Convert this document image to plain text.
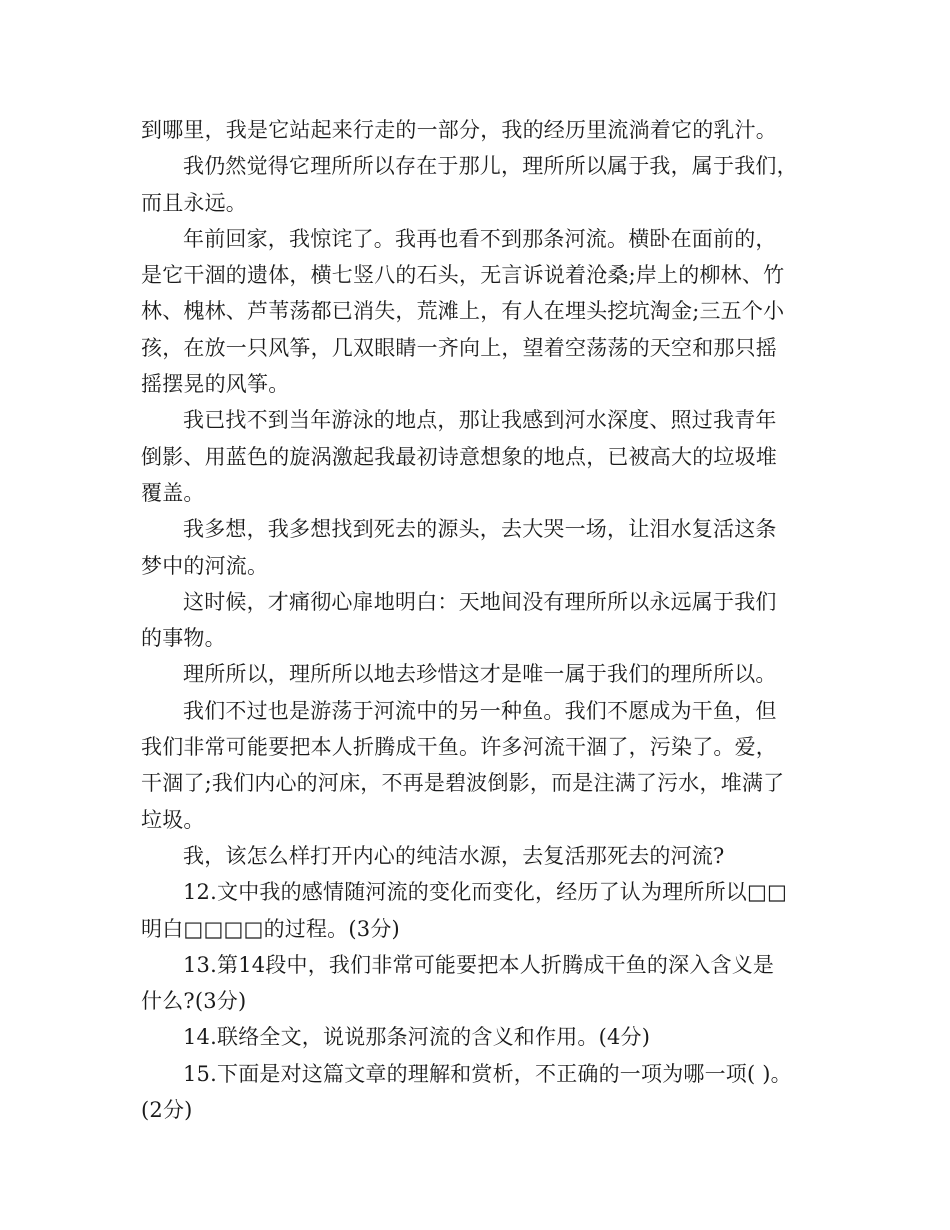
到哪里，我是它站起来行走的一部分，我的经历里流淌着它的乳汁。
我仍然觉得它理所所以存在于那儿，理所所以属于我，属于我们，
而且永远。
年前回家，我惊诧了。我再也看不到那条河流。横卧在面前的，
是它干涸的遗体，横七竖八的石头，无言诉说着沧桑;岸上的柳林、竹
林、槐林、芦苇荡都已消失，荒滩上，有人在埋头挖坑淘金;三五个小
孩，在放一只风筝，几双眼睛一齐向上，望着空荡荡的天空和那只摇
摇摆晃的风筝。
我已找不到当年游泳的地点，那让我感到河水深度、照过我青年
倒影、用蓝色的旋涡激起我最初诗意想象的地点，已被高大的垃圾堆
覆盖。
我多想，我多想找到死去的源头，去大哭一场，让泪水复活这条
梦中的河流。
这时候，才痛彻心扉地明白：天地间没有理所所以永远属于我们
的事物。
理所所以，理所所以地去珍惜这才是唯一属于我们的理所所以。
我们不过也是游荡于河流中的另一种鱼。我们不愿成为干鱼，但
我们非常可能要把本人折腾成干鱼。许多河流干涸了，污染了。爱，
干涸了;我们内心的河床，不再是碧波倒影，而是注满了污水，堆满了
垃圾。
我，该怎么样打开内心的纯洁水源，去复活那死去的河流?
12.文中我的感情随河流的变化而变化，经历了认为理所所以□□
明白□□□□的过程。(3分)
13.第14段中，我们非常可能要把本人折腾成干鱼的深入含义是
什么?(3分)
14.联络全文，说说那条河流的含义和作用。(4分)
15.下面是对这篇文章的理解和赏析，不正确的一项为哪一项( )。
(2分)
